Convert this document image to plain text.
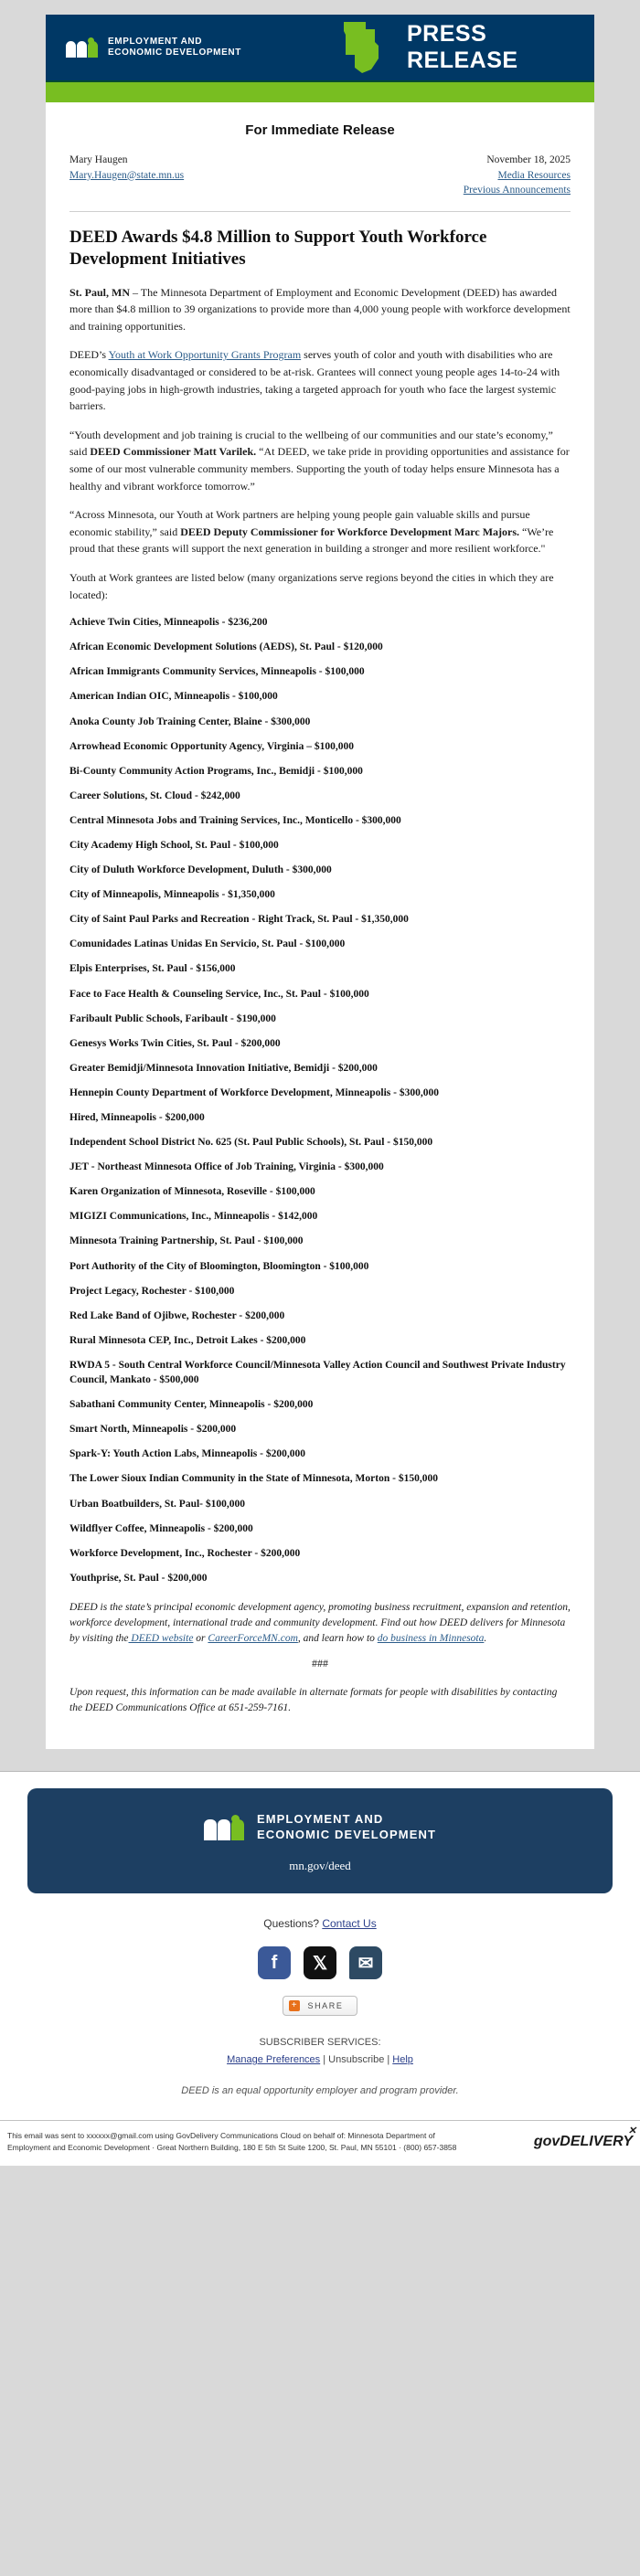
EMPLOYMENT AND
ECONOMIC DEVELOPMENT
PRESS RELEASE
For Immediate Release
Mary Haugen
Mary.Haugen@state.mn.us
November 18, 2025
Media Resources
Previous Announcements
DEED Awards $4.8 Million to Support Youth Workforce Development Initiatives

St. Paul, MN – The Minnesota Department of Employment and Economic Development (DEED) has awarded more than $4.8 million to 39 organizations to provide more than 4,000 young people with workforce development and training opportunities.

DEED’s Youth at Work Opportunity Grants Program serves youth of color and youth with disabilities who are economically disadvantaged or considered to be at-risk. Grantees will connect young people ages 14-to-24 with good-paying jobs in high-growth industries, taking a targeted approach for youth who face the largest systemic barriers.

“Youth development and job training is crucial to the wellbeing of our communities and our state’s economy,” said DEED Commissioner Matt Varilek. “At DEED, we take pride in providing opportunities and assistance for some of our most vulnerable community members. Supporting the youth of today helps ensure Minnesota has a healthy and vibrant workforce tomorrow.”

“Across Minnesota, our Youth at Work partners are helping young people gain valuable skills and pursue economic stability,” said DEED Deputy Commissioner for Workforce Development Marc Majors. “We’re proud that these grants will support the next generation in building a stronger and more resilient workforce."

Youth at Work grantees are listed below (many organizations serve regions beyond the cities in which they are located):

Achieve Twin Cities, Minneapolis - $236,200
African Economic Development Solutions (AEDS), St. Paul - $120,000
African Immigrants Community Services, Minneapolis - $100,000
American Indian OIC, Minneapolis - $100,000
Anoka County Job Training Center, Blaine - $300,000
Arrowhead Economic Opportunity Agency, Virginia – $100,000
Bi-County Community Action Programs, Inc., Bemidji - $100,000
Career Solutions, St. Cloud - $242,000
Central Minnesota Jobs and Training Services, Inc., Monticello - $300,000
City Academy High School, St. Paul - $100,000
City of Duluth Workforce Development, Duluth - $300,000
City of Minneapolis, Minneapolis - $1,350,000
City of Saint Paul Parks and Recreation - Right Track, St. Paul - $1,350,000
Comunidades Latinas Unidas En Servicio, St. Paul - $100,000
Elpis Enterprises, St. Paul - $156,000
Face to Face Health & Counseling Service, Inc., St. Paul - $100,000
Faribault Public Schools, Faribault - $190,000
Genesys Works Twin Cities, St. Paul - $200,000
Greater Bemidji/Minnesota Innovation Initiative, Bemidji - $200,000
Hennepin County Department of Workforce Development, Minneapolis - $300,000
Hired, Minneapolis - $200,000
Independent School District No. 625 (St. Paul Public Schools), St. Paul - $150,000
JET - Northeast Minnesota Office of Job Training, Virginia - $300,000
Karen Organization of Minnesota, Roseville - $100,000
MIGIZI Communications, Inc., Minneapolis - $142,000
Minnesota Training Partnership, St. Paul - $100,000
Port Authority of the City of Bloomington, Bloomington - $100,000
Project Legacy, Rochester - $100,000
Red Lake Band of Ojibwe, Rochester - $200,000
Rural Minnesota CEP, Inc., Detroit Lakes - $200,000
RWDA 5 - South Central Workforce Council/Minnesota Valley Action Council and Southwest Private Industry Council, Mankato - $500,000
Sabathani Community Center, Minneapolis - $200,000
Smart North, Minneapolis - $200,000
Spark-Y: Youth Action Labs, Minneapolis - $200,000
The Lower Sioux Indian Community in the State of Minnesota, Morton - $150,000
Urban Boatbuilders, St. Paul- $100,000
Wildflyer Coffee, Minneapolis - $200,000
Workforce Development, Inc., Rochester - $200,000
Youthprise, St. Paul - $200,000

DEED is the state’s principal economic development agency, promoting business recruitment, expansion and retention, workforce development, international trade and community development. Find out how DEED delivers for Minnesota by visiting the DEED website or CareerForceMN.com, and learn how to do business in Minnesota.

###

Upon request, this information can be made available in alternate formats for people with disabilities by contacting the DEED Communications Office at 651-259-7161.

EMPLOYMENT AND
ECONOMIC DEVELOPMENT
mn.gov/deed
Questions? Contact Us
f	𝕏	✉
+ SHARE
SUBSCRIBER SERVICES:
Manage Preferences | Unsubscribe | Help
DEED is an equal opportunity employer and program provider.
This email was sent to xxxxxx@gmail.com using GovDelivery Communications Cloud on behalf of: Minnesota Department of
Employment and Economic Development · Great Northern Building, 180 E 5th St Suite 1200, St. Paul, MN 55101 · (800) 657-3858
✕
govDELIVERY
